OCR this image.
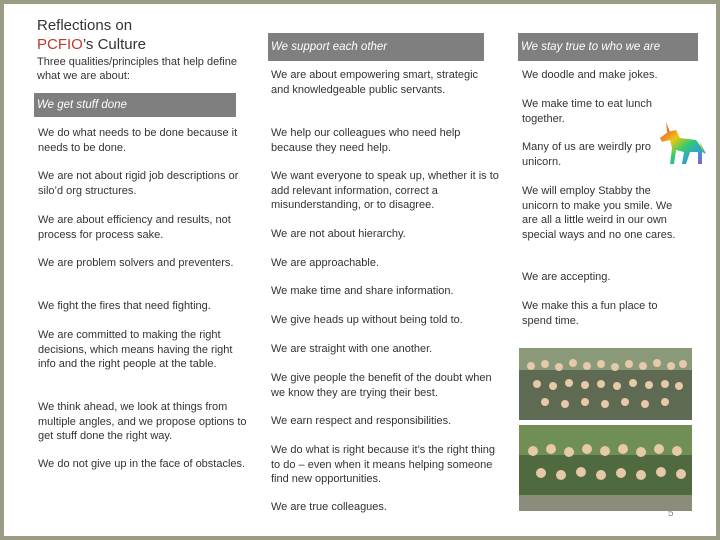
Reflections on
PCFIO’s Culture
Three qualities/principles that help define what we are about:
We get stuff done
We support each other	We stay true to who we are

We do what needs to be done because it needs to be done.

We are not about rigid job descriptions or silo’d org structures.

We are about efficiency and results, not process for process sake.

We are problem solvers and preventers.

We fight the fires that need fighting.

We are committed to making the right decisions, which means having the right info and the right people at the table.

We think ahead, we look at things from multiple angles, and we propose options to get stuff done the right way.

We do not give up in the face of obstacles.

We are about empowering smart, strategic and knowledgeable public servants.

We help our colleagues who need help because they need help.

We want everyone to speak up, whether it is to add relevant information, correct a misunderstanding, or to disagree.

We are not about hierarchy.

We are approachable.

We make time and share information.

We give heads up without being told to.

We are straight with one another.

We give people the benefit of the doubt when we know they are trying their best.

We earn respect and responsibilities.

We do what is right because it’s the right thing to do – even when it means helping someone find new opportunities.

We are true colleagues.

We doodle and make jokes.

We make time to eat lunch together.

Many of us are weirdly pro unicorn.

We will employ Stabby the unicorn to make you smile. We are all a little weird in our own special ways and no one cares.

We are accepting.

We make this a fun place to spend time.

5
